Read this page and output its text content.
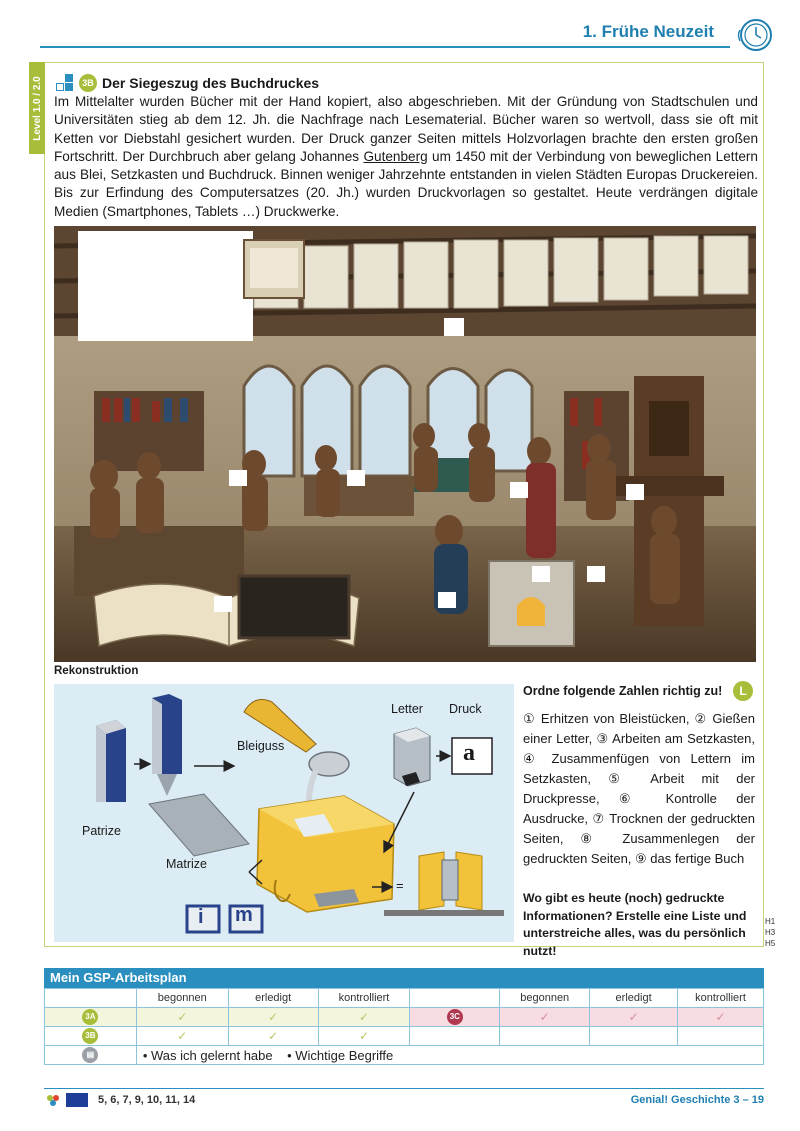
1. Frühe Neuzeit
Level 1.0 / 2.0	3B Der Siegeszug des Buchdruckes
Im Mittelalter wurden Bücher mit der Hand kopiert, also abgeschrieben. Mit der Gründung von Stadtschulen und Universitäten stieg ab dem 12. Jh. die Nachfrage nach Lesematerial. Bücher waren so wertvoll, dass sie oft mit Ketten vor Diebstahl gesichert wurden. Der Druck ganzer Seiten mittels Holzvorlagen brachte den ersten großen Fortschritt. Der Durchbruch aber gelang Johannes Gutenberg um 1450 mit der Verbindung von beweglichen Lettern aus Blei, Setzkasten und Buchdruck. Binnen weniger Jahrzehnte entstanden in vielen Städten Europas Druckereien. Bis zur Erfindung des Computersatzes (20. Jh.) wurden Druckvorlagen so gestaltet. Heute verdrängen digitale Medien (Smartphones, Tablets …) Druckwerke.
Rekonstruktion
Patrize
Matrize
Bleiguss
Letter Druck
a
=
i m
Ordne folgende Zahlen richtig zu!	L
① Erhitzen von Bleistücken, ② Gießen einer Letter, ③ Arbeiten am Setzkasten, ④ Zusammenfügen von Lettern im Setzkasten, ⑤ Arbeit mit der Druckpresse, ⑥ Kontrolle der Ausdrucke, ⑦ Trocknen der gedruckten Seiten, ⑧ Zusammenlegen der gedruckten Seiten, ⑨ das fertige Buch
Wo gibt es heute (noch) gedruckte Informationen? Erstelle eine Liste und unterstreiche alles, was du persönlich nutzt!
H1
H3
H5
Mein GSP-Arbeitsplan
	begonnen	erledigt	kontrolliert		begonnen	erledigt	kontrolliert
3A	✓	✓	✓	3C	✓	✓	✓
3B	✓	✓	✓				
▤	• Was ich gelernt habe • Wichtige Begriffe						
5, 6, 7, 9, 10, 11, 14	Genial! Geschichte 3 – 19
